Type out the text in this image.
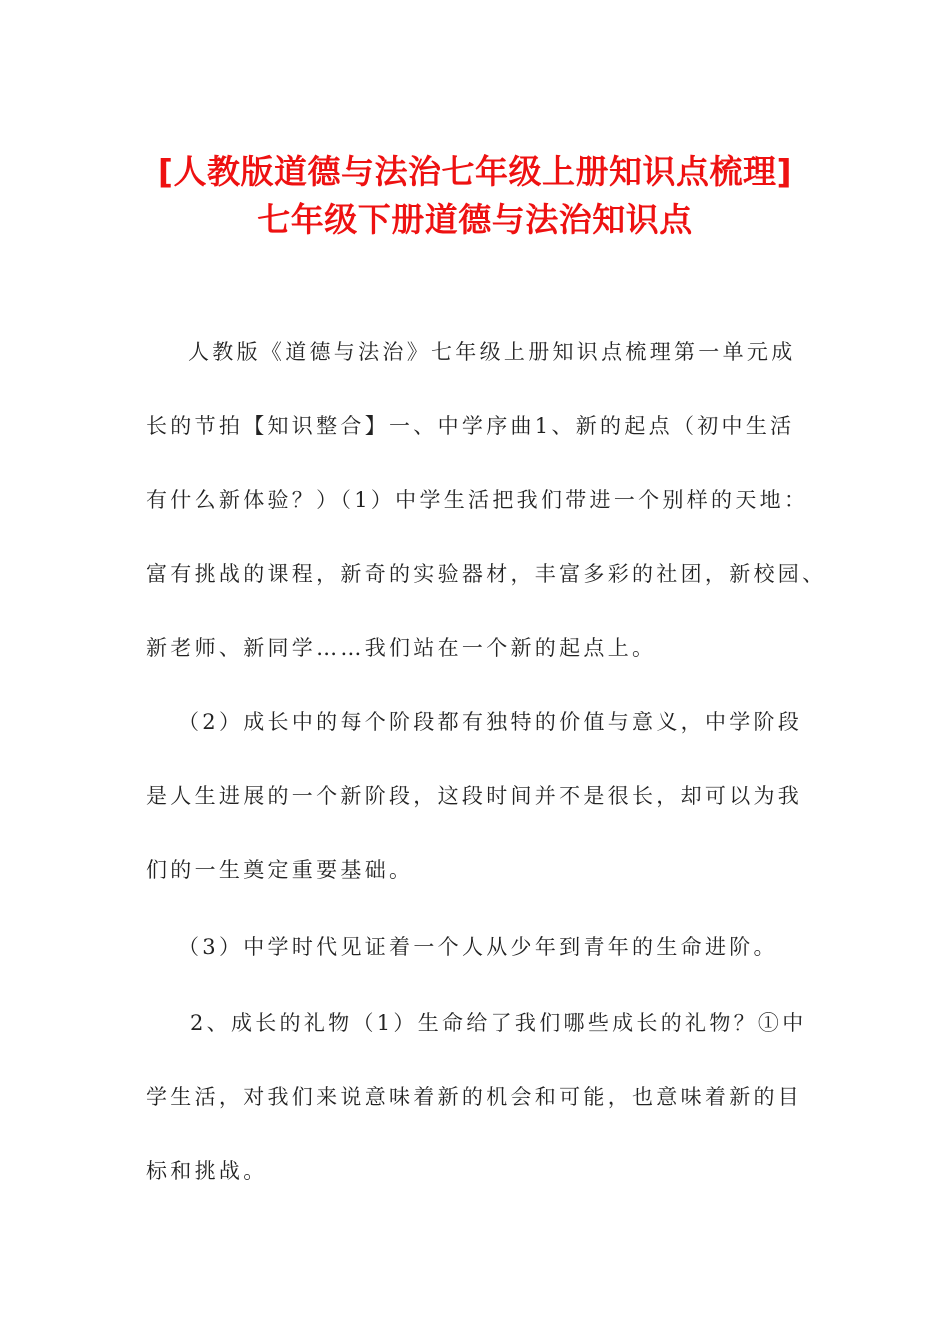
[人教版道德与法治七年级上册知识点梳理]
七年级下册道德与法治知识点
人教版《道德与法治》七年级上册知识点梳理第一单元成
长的节拍【知识整合】一、中学序曲1、新的起点（初中生活
有什么新体验？）（1）中学生活把我们带进一个别样的天地：
富有挑战的课程，新奇的实验器材，丰富多彩的社团，新校园、
新老师、新同学……我们站在一个新的起点上。
（2）成长中的每个阶段都有独特的价值与意义，中学阶段
是人生进展的一个新阶段，这段时间并不是很长，却可以为我
们的一生奠定重要基础。
（3）中学时代见证着一个人从少年到青年的生命进阶。
2、成长的礼物（1）生命给了我们哪些成长的礼物？①中
学生活，对我们来说意味着新的机会和可能，也意味着新的目
标和挑战。
